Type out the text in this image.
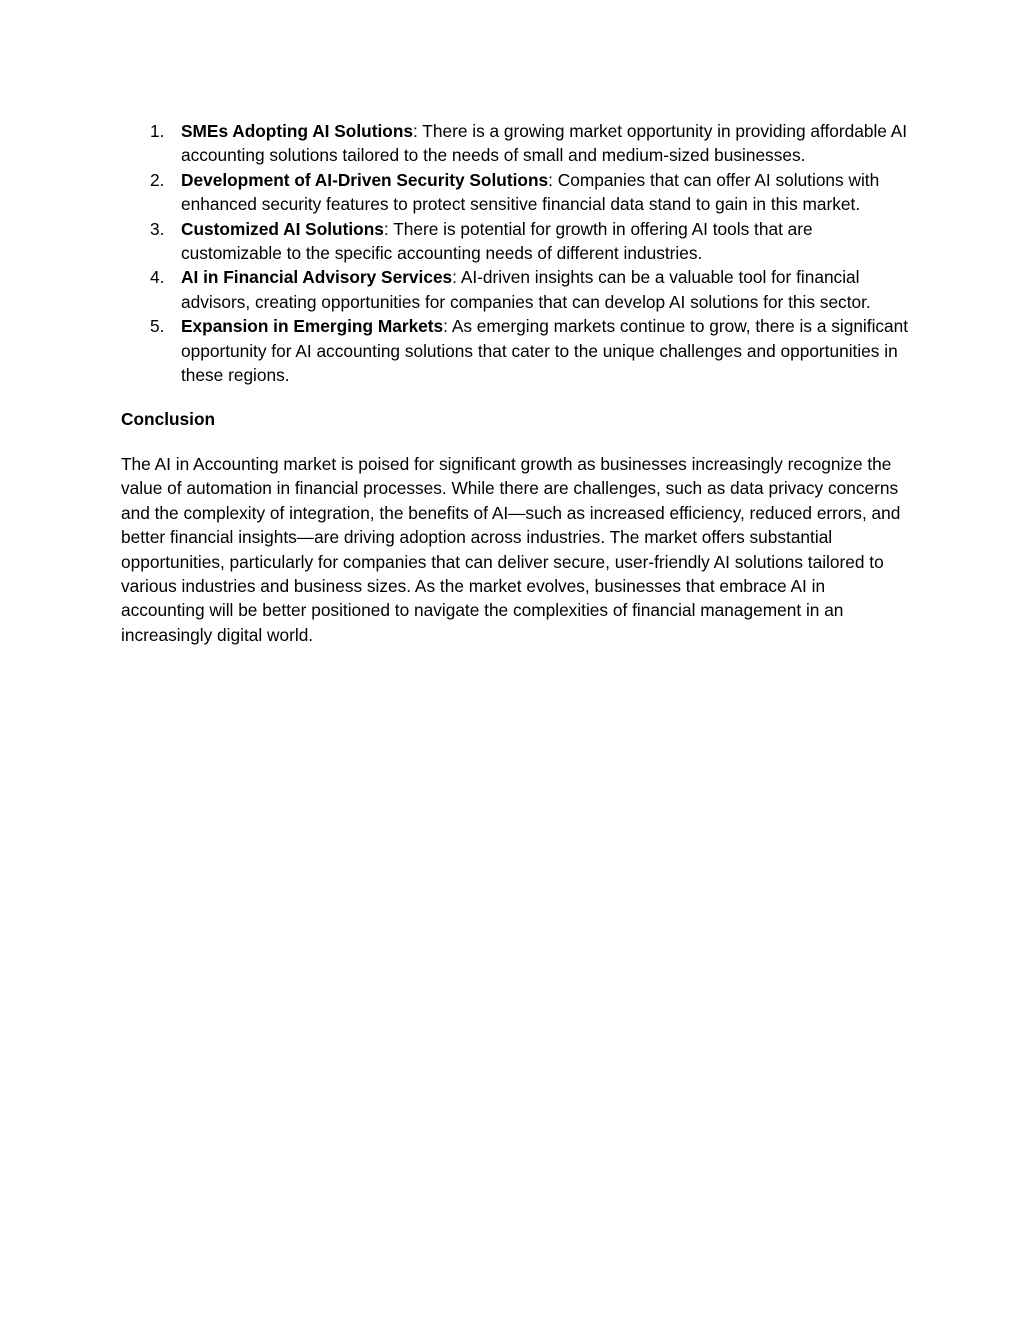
1. SMEs Adopting AI Solutions: There is a growing market opportunity in providing affordable AI accounting solutions tailored to the needs of small and medium-sized businesses.
2. Development of AI-Driven Security Solutions: Companies that can offer AI solutions with enhanced security features to protect sensitive financial data stand to gain in this market.
3. Customized AI Solutions: There is potential for growth in offering AI tools that are customizable to the specific accounting needs of different industries.
4. AI in Financial Advisory Services: AI-driven insights can be a valuable tool for financial advisors, creating opportunities for companies that can develop AI solutions for this sector.
5. Expansion in Emerging Markets: As emerging markets continue to grow, there is a significant opportunity for AI accounting solutions that cater to the unique challenges and opportunities in these regions.
Conclusion
The AI in Accounting market is poised for significant growth as businesses increasingly recognize the value of automation in financial processes. While there are challenges, such as data privacy concerns and the complexity of integration, the benefits of AI—such as increased efficiency, reduced errors, and better financial insights—are driving adoption across industries. The market offers substantial opportunities, particularly for companies that can deliver secure, user-friendly AI solutions tailored to various industries and business sizes. As the market evolves, businesses that embrace AI in accounting will be better positioned to navigate the complexities of financial management in an increasingly digital world.
